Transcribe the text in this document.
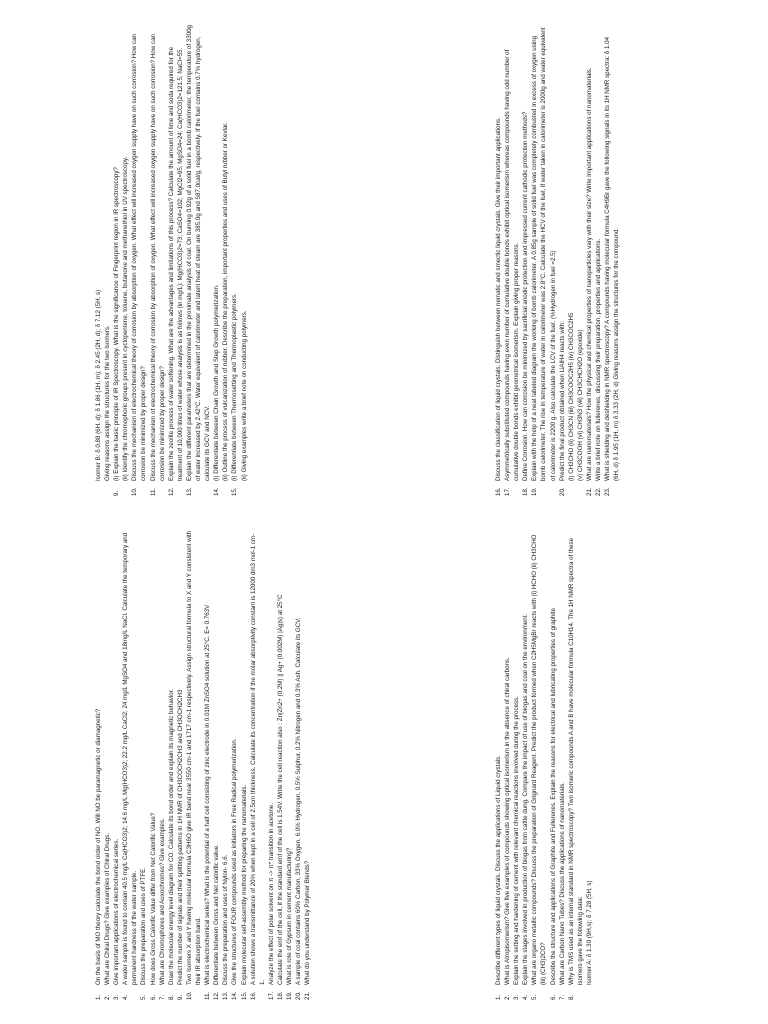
1.
On the basis of MO theory calculate the bond order of NO. Will NO be paramagnetic or diamagnetic?
2.
What are Chiral Drugs? Give examples of Chiral Drugs.
3.
Give important applications of electrochemical series.
4.
A water sample is found to contain 40.5 mg/L Ca(HCO3)2; 14.6 mg/L Mg(HCO3)2; 22.2 mg/L CaCl2; 24 mg/L MgSO4 and 18mg/L NaCl. Calculate the temporary and permanent hardness of the water sample.
5.
Discuss the preparation and uses of PTFE.
6.
How does Gross Calorific Value differ from Net Calorific Value?
7.
What are Chromophores and Auxochromes? Give examples.
8.
Draw the molecular energy level diagram for CO. Calculate its bond order and explain its magnetic behavior.
9.
Predict the number of signals and their splitting patterns in 1H NMR of CH3COCH2CH3 and CH3OCH2CH3
10.
Two Isomers X and Y having molecular formula C3H6O give IR band near 3550 cm-1 and 1717 cm-1 respectively. Assign structural formula to X and Y consistent with their IR absorption band.
11.
What is electrochemical series? What is the potential of a half cell consisting of zinc electrode in 0.01M ZnSO4 solution at 25°C. E= 0.763V
12.
Differentiate between Gross and Net calorific value.
13.
Discuss the preparation and uses of Nylon- 6,6.
14.
Give the structures of FOUR compounds used as initiators in Free Radical polymerization.
15.
Explain molecular self-assembly method for preparing the nanomaterials.
16.
A solution shows a transmittance of 20% when kept in a cell of 2.5cm thickness. Calculate its concentration if the molar absorptivity constant is 12000 dm3 mol-1 cm-1.
17.
Analyze the effect of polar solvent on π -> π* transition in acetone.
18.
Calculate the emf of the cell, if the standard emf of the cell is 1.54V. Write the cell reaction also : Zn|Zn2+ (0.2M) || Ag+ (0.002M) |Ag|s) at 25°C
19.
What is role of Gypsum in cement manufacturing?
20.
A sample of coal contains 60% Carbon, 33% Oxygen, 6.0% Hydrogen, 0.5% Sulphur, 0.2% Nitrogen and 0.3% Ash. Calculate its GCV.
21.
What do you understand by Polymer Blends?
1.
Describe different types of liquid crystals. Discuss the applications of Liquid crystals.
2.
What is Atropisomerism? Give five examples of compounds showing optical isomerism in the absence of chiral carbons.
3.
Explain the setting and hardening of cement with relevant chemical reactions involved during the process.
4.
Explain the stages involved in production of biogas from cattle dung. Compare the impact of use of biogas and coal on the environment.
5.
What are organo metallic compounds? Discuss the preparation of Grignard Reagent. Predict the product formed when C2H5MgBr reacts with (i) HCHO (ii) CH3CHO (iii) (CH3)2CO?
6.
Describe the structure and applications of Graphite and Fullerenes. Explain the reasons for electrical and lubricating properties of graphite
7.
What are Carbon Nano Tubes? Discuss the applications of nanomaterials.
8.
Why is TMS used as an internal standard in NMR spectroscopy? Two isomeric compounds A and B have molecular formula C10H14. The 1H NMR spectra of these isomers gave the following data: Isomer A: δ 1.30 (9H,s); δ 7.28 (5H, s)
Isomer B: δ 0.88 (6H, d); δ 1.86 (1H, m); δ 2.45 (2H, d); δ 7.12 (5H, s) Giving reasons assign the structures for the two isomers.
9.
(i) Explain the basic principle of IR Spectroscopy. What is the significance of Fingerprint region in IR spectroscopy? (ii) Identify the chromophoric groups present in cyclopentene, toluene, butanone and methanethiol in UV spectroscopy.
10.
Discuss the mechanism of electrochemical theory of corrosion by absorption of oxygen. What effect will increased oxygen supply have on such corrosion? How can corrosion be minimized by proper design?
11.
Discuss the mechanism of electrochemical theory of corrosion by absorption of oxygen. What effect will increased oxygen supply have on such corrosion? How can corrosion be minimized by proper design?
12.
Explain the zeolite process of water softening. What are the advantages and limitations of this process? Calculate the amount of lime and soda required for the treatment of 10,000 litres of water whose analysis is as follows (in mg/L): Mg(HCO3)2=73; CaSO4=102; MgCl2=95; MgSO4=24; Ca(HCO3)2=121.5; NaCl=55.
13.
Explain the different parameters that are determined in the proximate analysis of coal. On burning 0.92g of a solid fuel in a bomb calorimeter, the temperature of 3300g of water increased by 2.42°C. Water equivalent of calorimeter and latent heat of steam are 385.0g and 587.0cal/g, respectively. If the fuel contains 0.7% hydrogen, calculate its GCV and NCV.
14.
(i) Differentiate between Chain Growth and Step Growth polymerization. (ii) Outline the process of vulcanization of rubber. Describe the preparation, important properties and uses of Butyl rubber or Kevlar.
15.
(i) Differentiate between Thermosetting and Thermoplastic polymers. (ii) Giving examples write a brief note on conducting polymers.
16.
Discuss the classification of liquid crystals. Distinguish between nematic and smectic liquid crystals. Give their important applications.
17.
Asymmetrically substituted compounds having even number of cumulative double bonds exhibit optical isomerism whereas compounds having odd number of cumulative double bonds exhibit geometrical isomerism. Explain giving proper reasons.
18.
Define Corrosion. How can corrosion be minimized by sacrificial anodic protection and impressed current cathodic protection methods?
19.
Explain with the help of a neat labeled diagram the working of bomb calorimeter. A 0.85g sample of solid fuel was completely combusted in excess of oxygen using bomb calorimeter. The rise in temperature of water in calorimeter was 2.8°C. Calculate the HCV of the fuel, if water taken in calorimeter is 2000g and water equivalent of calorimeter is 2200 g. Also calculate the LCV of the fuel. (%Hydrogen in fuel =2.5)
20.
Predict the final product obtained when LiAlH4 reacts with: (i) CH3CHO (ii) CH3CN (iii) CH3COOC2H5 (iv) CH3COC2H5 (v) CH3COOH (vi) CH3N3 (vii) CH3CHCH2O (epoxide)
21.
What are nanomaterials? How the physical and chemical properties of nanoparticles vary with their size? Write important applications of nanomaterials.
22.
Write a brief note on fullerenes, discussing their preparation, properties and applications.
23.
What is shielding and deshielding in NMR spectroscopy? A compounds having molecular formula C4H9Br gave the following signals in its 1H NMR spectra: δ 1.04 (6H, d) δ 1.95 (1H, m) δ 3.33 (2H, d) Giving reasons assign the structures for the compound.
